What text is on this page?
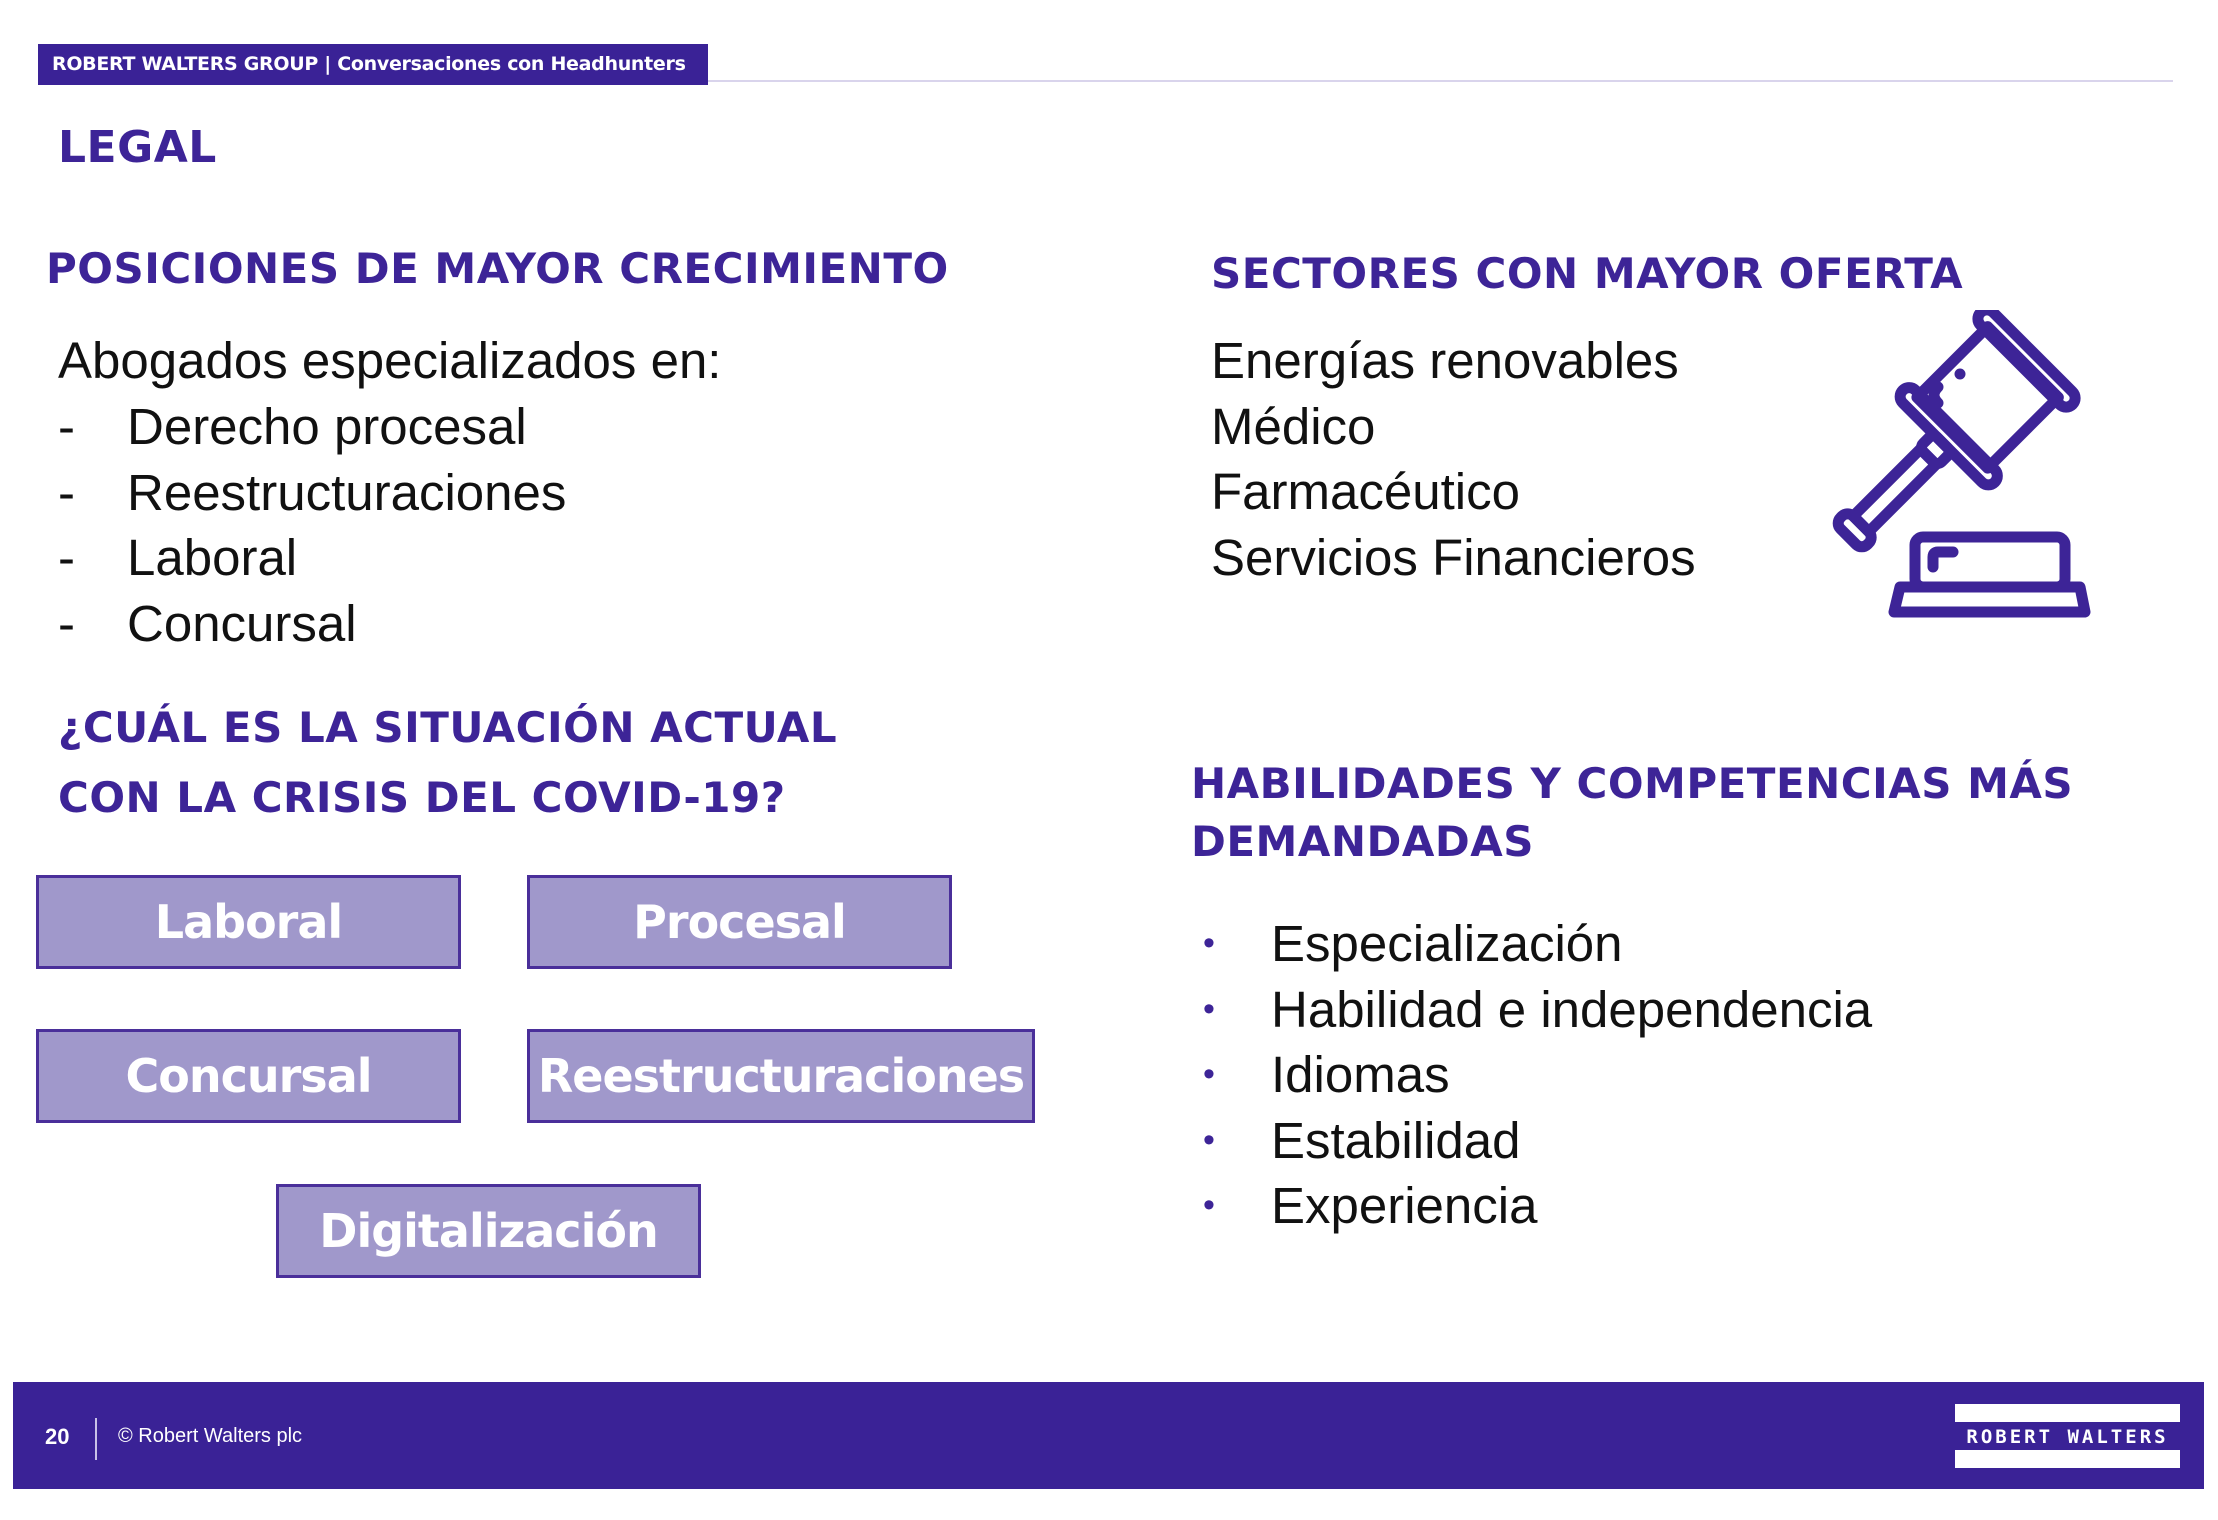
ROBERT WALTERS GROUP | Conversaciones con Headhunters
LEGAL
POSICIONES DE MAYOR CRECIMIENTO
Abogados especializados en:
- Derecho procesal
- Reestructuraciones
- Laboral
- Concursal
SECTORES CON MAYOR OFERTA
Energías renovables
Médico
Farmacéutico
Servicios Financieros
¿CUÁL ES LA SITUACIÓN ACTUAL
CON LA CRISIS DEL COVID-19?
Laboral	Procesal
Concursal	Reestructuraciones
Digitalización
HABILIDADES Y COMPETENCIAS MÁS
DEMANDADAS
• Especialización
• Habilidad e independencia
• Idiomas
• Estabilidad
• Experiencia
20 © Robert Walters plc	ROBERT WALTERS
